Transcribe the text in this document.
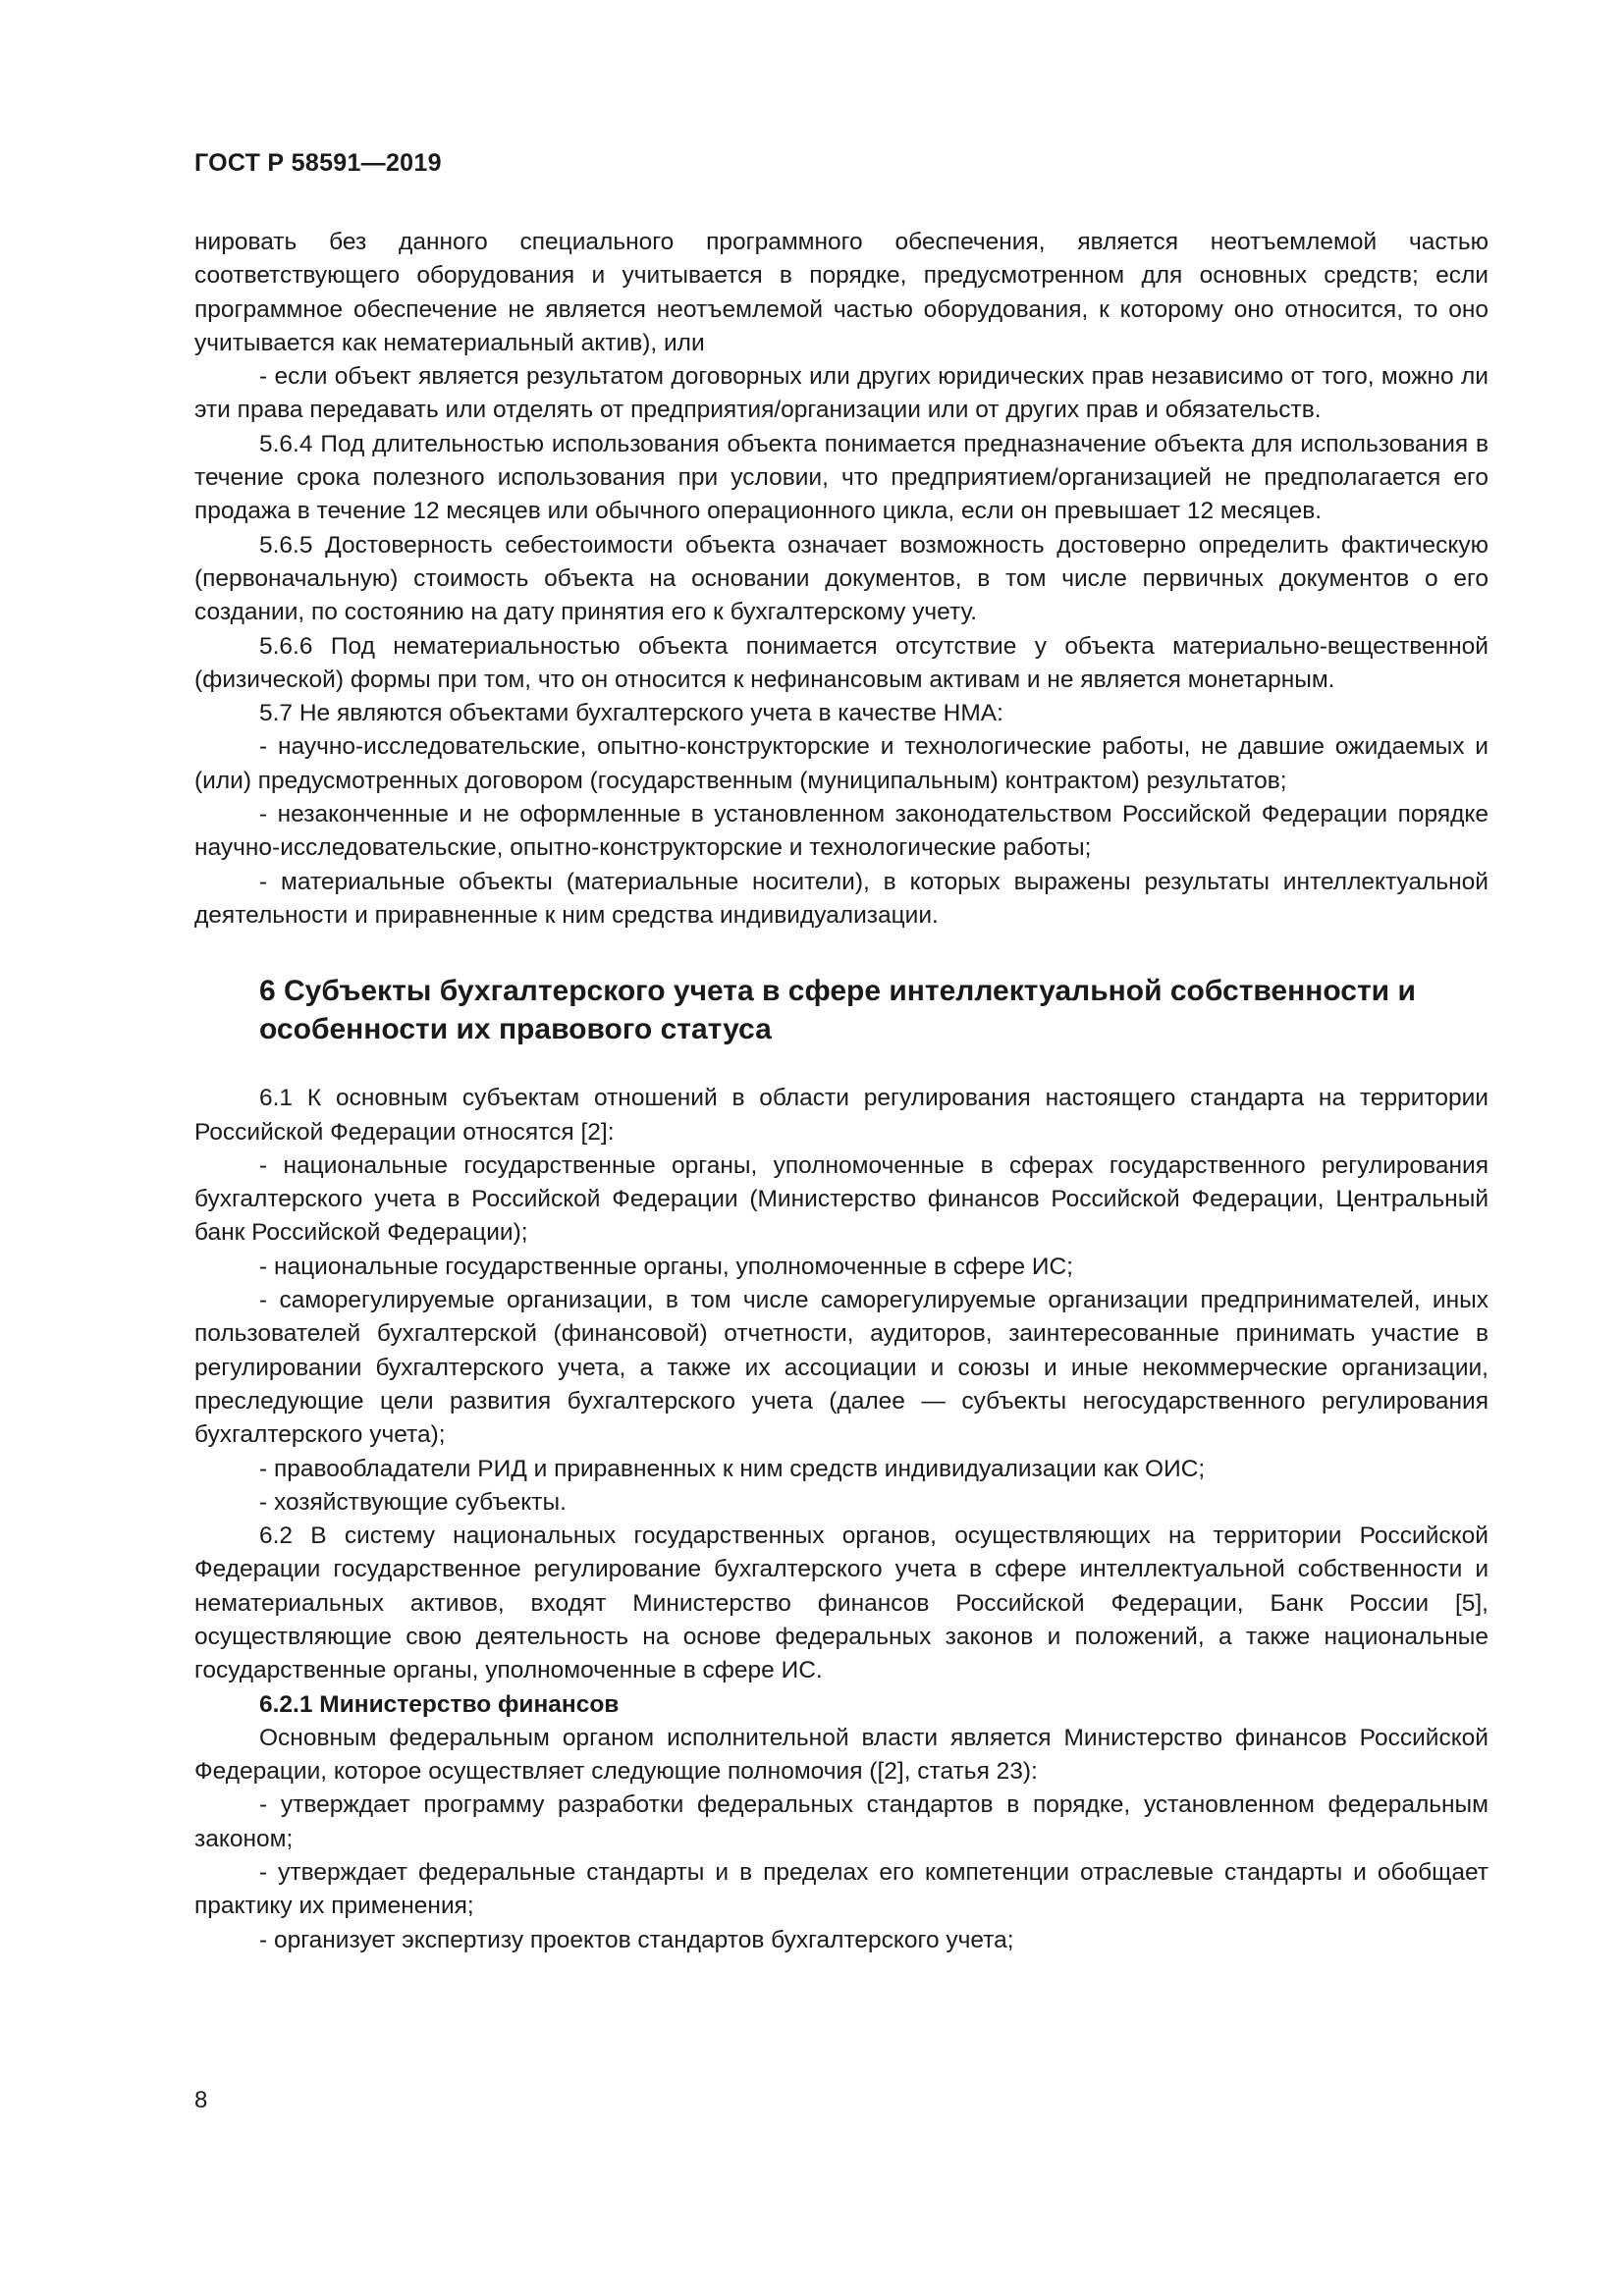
ГОСТ Р 58591—2019

нировать без данного специального программного обеспечения, является неотъемлемой частью соответствующего оборудования и учитывается в порядке, предусмотренном для основных средств; если программное обеспечение не является неотъемлемой частью оборудования, к которому оно относится, то оно учитывается как нематериальный актив), или

- если объект является результатом договорных или других юридических прав независимо от того, можно ли эти права передавать или отделять от предприятия/организации или от других прав и обязательств.

5.6.4 Под длительностью использования объекта понимается предназначение объекта для использования в течение срока полезного использования при условии, что предприятием/организацией не предполагается его продажа в течение 12 месяцев или обычного операционного цикла, если он превышает 12 месяцев.

5.6.5 Достоверность себестоимости объекта означает возможность достоверно определить фактическую (первоначальную) стоимость объекта на основании документов, в том числе первичных документов о его создании, по состоянию на дату принятия его к бухгалтерскому учету.

5.6.6 Под нематериальностью объекта понимается отсутствие у объекта материально-вещественной (физической) формы при том, что он относится к нефинансовым активам и не является монетарным.

5.7 Не являются объектами бухгалтерского учета в качестве НМА:

- научно-исследовательские, опытно-конструкторские и технологические работы, не давшие ожидаемых и (или) предусмотренных договором (государственным (муниципальным) контрактом) результатов;

- незаконченные и не оформленные в установленном законодательством Российской Федерации порядке научно-исследовательские, опытно-конструкторские и технологические работы;

- материальные объекты (материальные носители), в которых выражены результаты интеллектуальной деятельности и приравненные к ним средства индивидуализации.

6 Субъекты бухгалтерского учета в сфере интеллектуальной собственности и особенности их правового статуса

6.1 К основным субъектам отношений в области регулирования настоящего стандарта на территории Российской Федерации относятся [2]:

- национальные государственные органы, уполномоченные в сферах государственного регулирования бухгалтерского учета в Российской Федерации (Министерство финансов Российской Федерации, Центральный банк Российской Федерации);

- национальные государственные органы, уполномоченные в сфере ИС;

- саморегулируемые организации, в том числе саморегулируемые организации предпринимателей, иных пользователей бухгалтерской (финансовой) отчетности, аудиторов, заинтересованные принимать участие в регулировании бухгалтерского учета, а также их ассоциации и союзы и иные некоммерческие организации, преследующие цели развития бухгалтерского учета (далее — субъекты негосударственного регулирования бухгалтерского учета);

- правообладатели РИД и приравненных к ним средств индивидуализации как ОИС;

- хозяйствующие субъекты.

6.2 В систему национальных государственных органов, осуществляющих на территории Российской Федерации государственное регулирование бухгалтерского учета в сфере интеллектуальной собственности и нематериальных активов, входят Министерство финансов Российской Федерации, Банк России [5], осуществляющие свою деятельность на основе федеральных законов и положений, а также национальные государственные органы, уполномоченные в сфере ИС.

6.2.1 Министерство финансов

Основным федеральным органом исполнительной власти является Министерство финансов Российской Федерации, которое осуществляет следующие полномочия ([2], статья 23):

- утверждает программу разработки федеральных стандартов в порядке, установленном федеральным законом;

- утверждает федеральные стандарты и в пределах его компетенции отраслевые стандарты и обобщает практику их применения;

- организует экспертизу проектов стандартов бухгалтерского учета;

8
